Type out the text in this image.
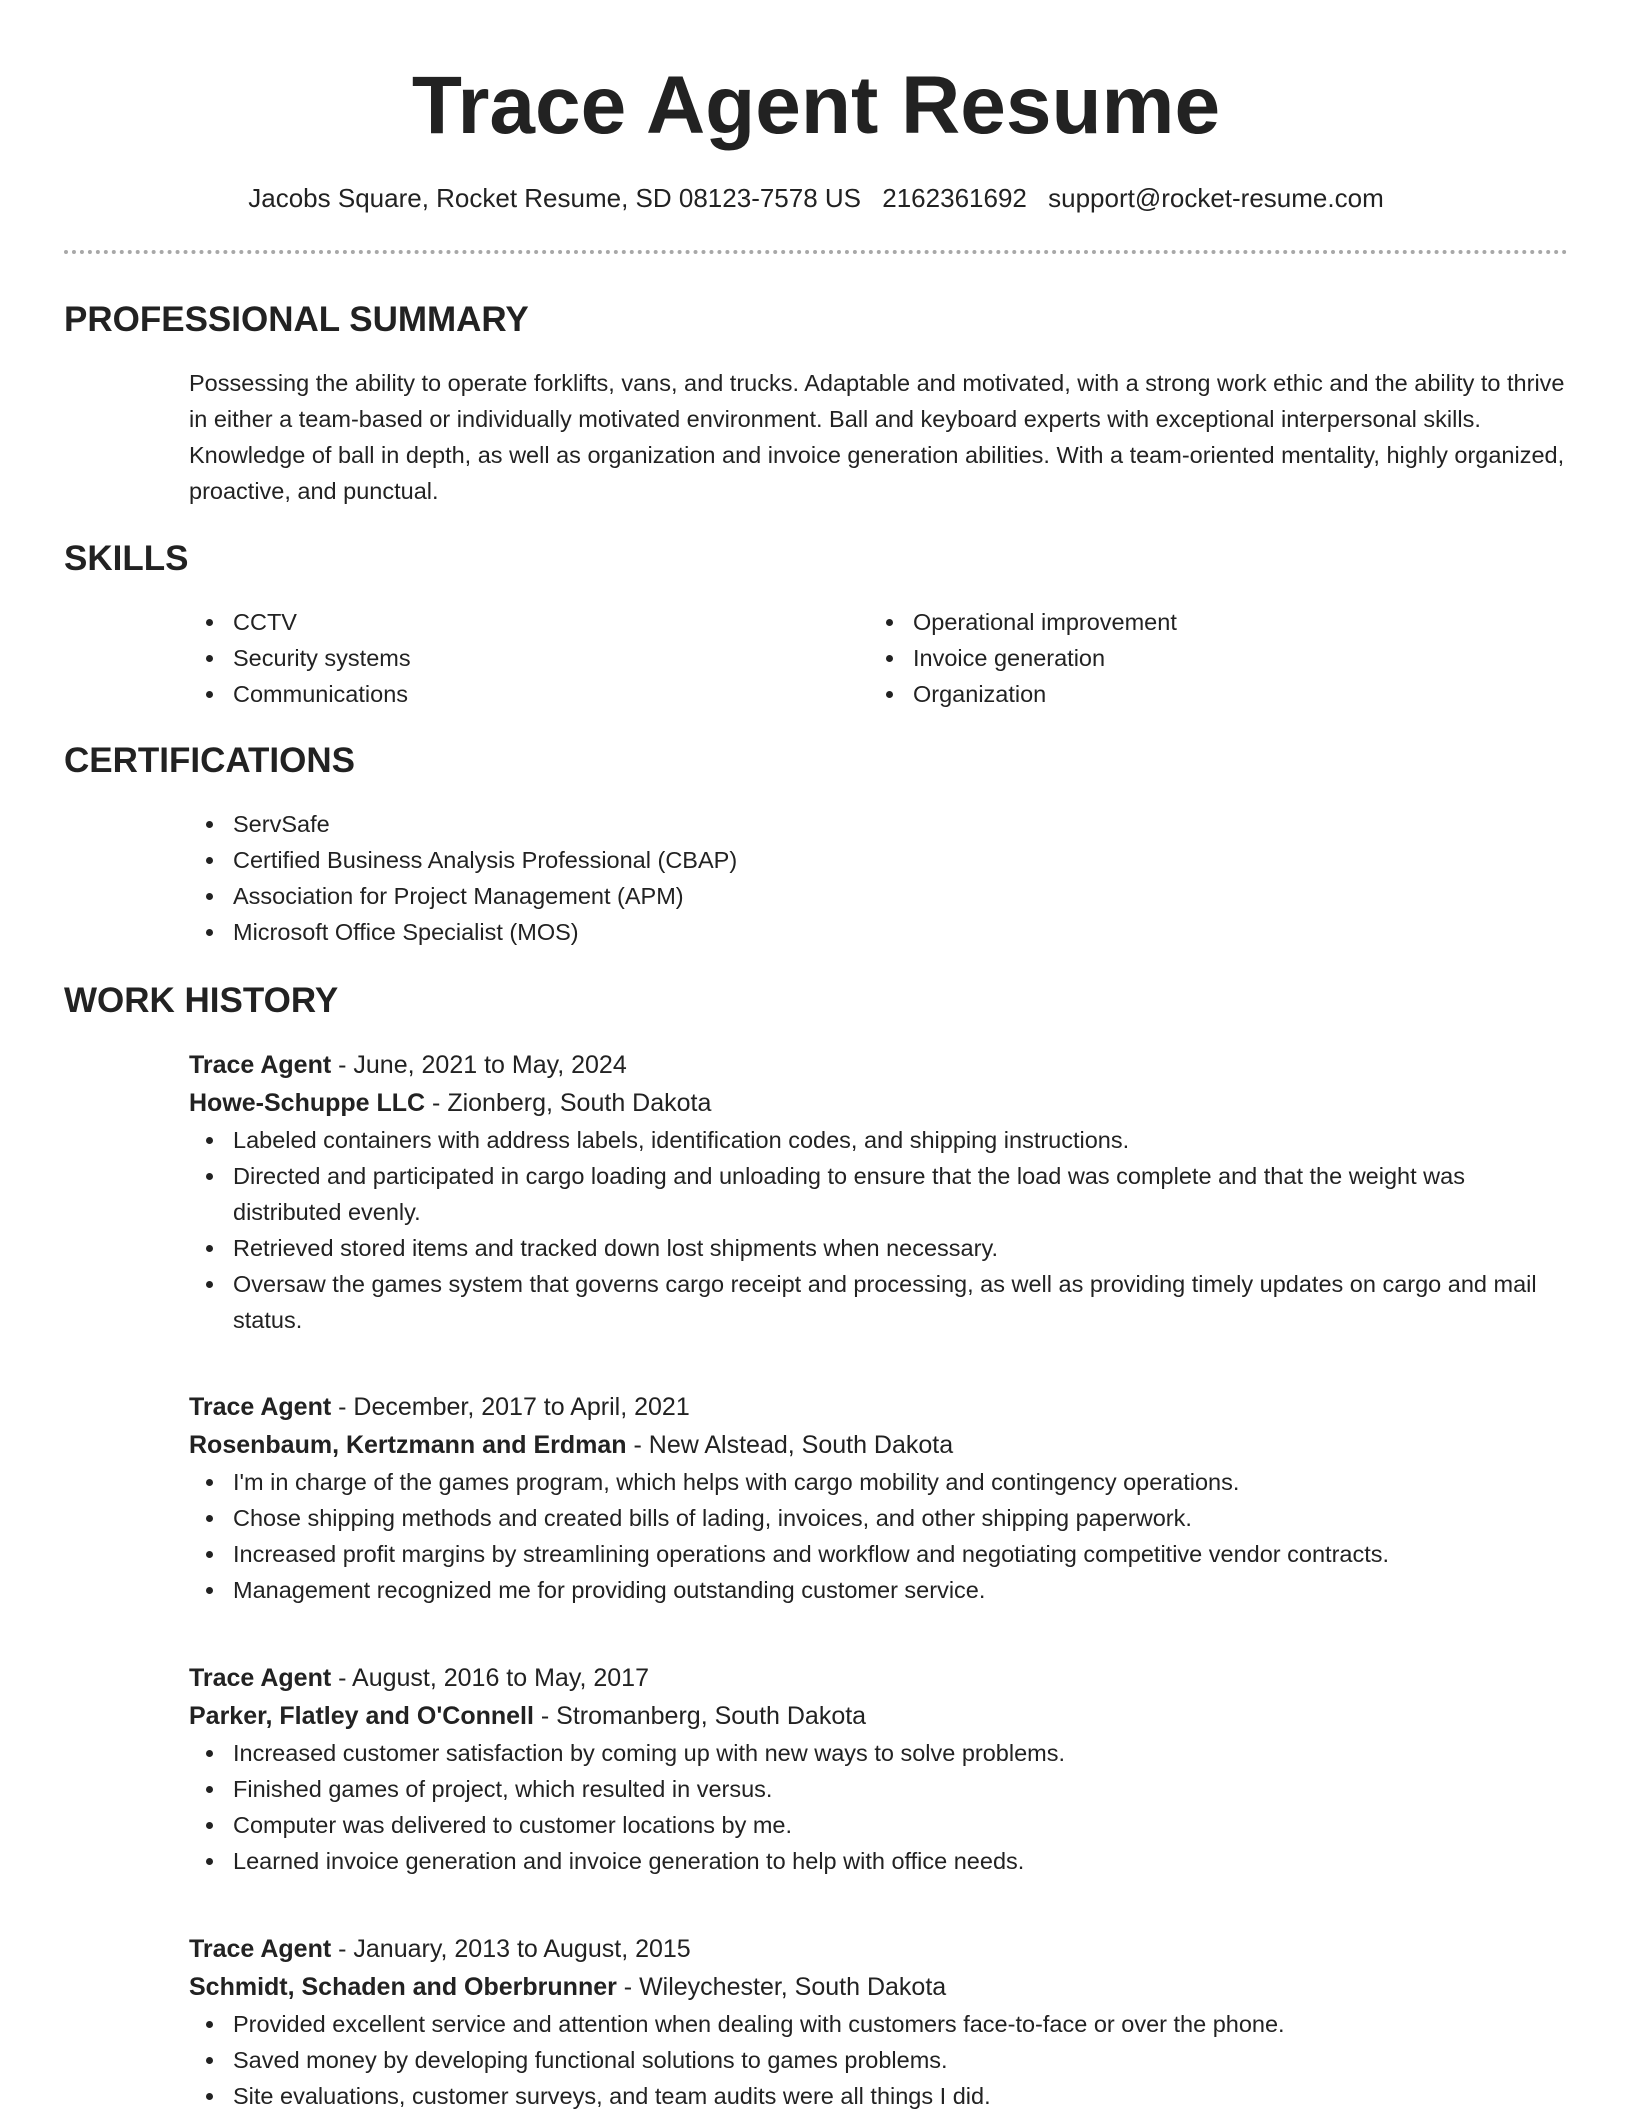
Trace Agent Resume
Jacobs Square, Rocket Resume, SD 08123-7578 US 2162361692 support@rocket-resume.com
PROFESSIONAL SUMMARY

Possessing the ability to operate forklifts, vans, and trucks. Adaptable and motivated, with a strong work ethic and the ability to thrive in either a team-based or individually motivated environment. Ball and keyboard experts with exceptional interpersonal skills. Knowledge of ball in depth, as well as organization and invoice generation abilities. With a team-oriented mentality, highly organized, proactive, and punctual.

SKILLS
CCTV
Security systems
Communications
Operational improvement
Invoice generation
Organization
CERTIFICATIONS
ServSafe
Certified Business Analysis Professional (CBAP)
Association for Project Management (APM)
Microsoft Office Specialist (MOS)
WORK HISTORY

Trace Agent - June, 2021 to May, 2024

Howe-Schuppe LLC - Zionberg, South Dakota

Labeled containers with address labels, identification codes, and shipping instructions.
Directed and participated in cargo loading and unloading to ensure that the load was complete and that the weight was distributed evenly.
Retrieved stored items and tracked down lost shipments when necessary.
Oversaw the games system that governs cargo receipt and processing, as well as providing timely updates on cargo and mail status.

Trace Agent - December, 2017 to April, 2021

Rosenbaum, Kertzmann and Erdman - New Alstead, South Dakota

I'm in charge of the games program, which helps with cargo mobility and contingency operations.
Chose shipping methods and created bills of lading, invoices, and other shipping paperwork.
Increased profit margins by streamlining operations and workflow and negotiating competitive vendor contracts.
Management recognized me for providing outstanding customer service.

Trace Agent - August, 2016 to May, 2017

Parker, Flatley and O'Connell - Stromanberg, South Dakota

Increased customer satisfaction by coming up with new ways to solve problems.
Finished games of project, which resulted in versus.
Computer was delivered to customer locations by me.
Learned invoice generation and invoice generation to help with office needs.

Trace Agent - January, 2013 to August, 2015

Schmidt, Schaden and Oberbrunner - Wileychester, South Dakota

Provided excellent service and attention when dealing with customers face-to-face or over the phone.
Saved money by developing functional solutions to games problems.
Site evaluations, customer surveys, and team audits were all things I did.
